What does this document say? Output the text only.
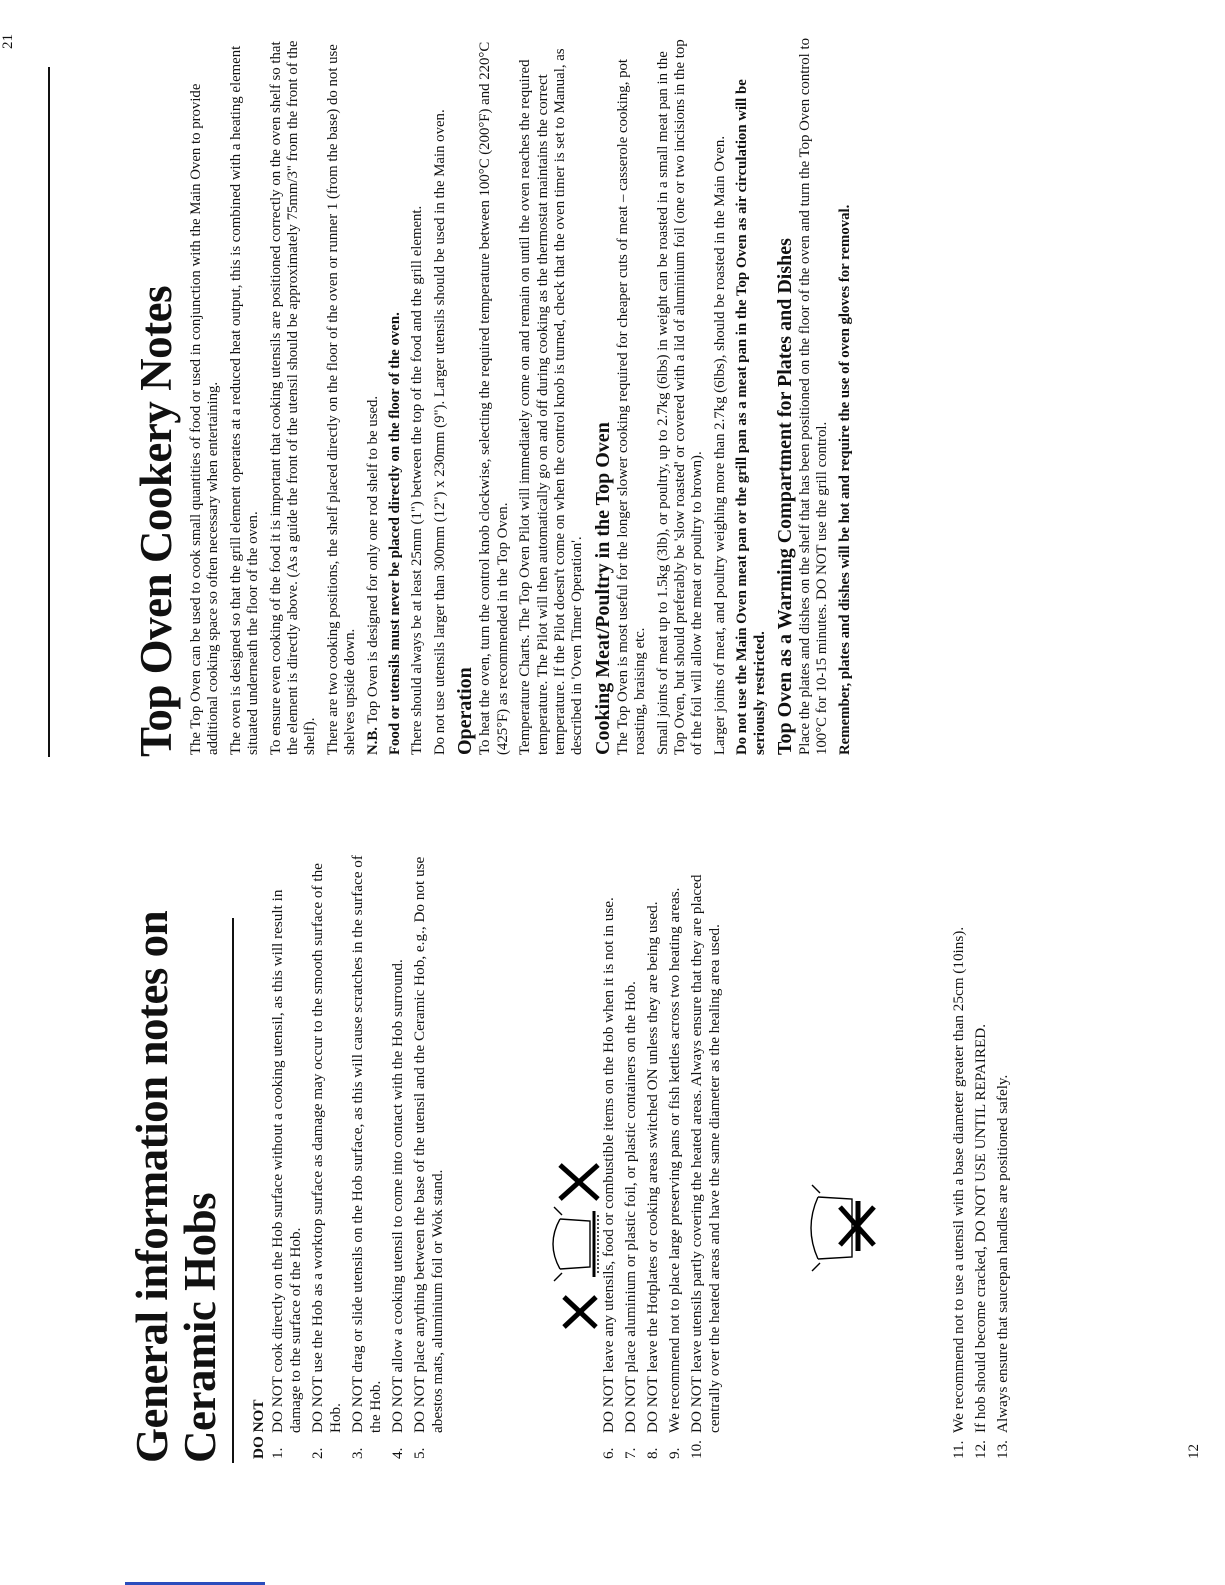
General information notes on
Ceramic Hobs DO NOT 1.
DO NOT cook directly on the Hob surface without a cooking utensil, as this will result in damage to the surface of the Hob.
2.
DO NOT use the Hob as a worktop surface as damage may occur to the smooth surface of the Hob.
3.
DO NOT drag or slide utensils on the Hob surface, as this will cause scratches in the surface of the Hob.
4.
DO NOT allow a cooking utensil to come into contact with the Hob surround.
5.
DO NOT place anything between the base of the utensil and the Ceramic Hob, e.g., Do not use abestos mats, aluminium foil or Wok stand.
6.
DO NOT leave any utensils, food or combustible items on the Hob when it is not in use.
7.
DO NOT place aluminium or plastic foil, or plastic containers on the Hob.
8.
DO NOT leave the Hotplates or cooking areas switched ON unless they are being used.
9.
We recommend not to place large preserving pans or fish kettles across two heating areas.
10.
DO NOT leave utensils partly covering the heated areas. Always ensure that they are placed centrally over the heated areas and have the same diameter as the healing area used.
11.
We recommend not to use a utensil with a base diameter greater than 25cm (10ins).
12.
If hob should become cracked, DO NOT USE UNTIL REPAIRED.
13.
Always ensure that saucepan handles are positioned safely.
12
Top Oven Cookery Notes The Top Oven can be used to cook small quantities of food or used in conjunction with the Main Oven to provide additional cooking space so often necessary when entertaining. The oven is designed so that the grill element operates at a reduced heat output, this is combined with a heating element situated underneath the floor of the oven. To ensure even cooking of the food it is important that cooking utensils are positioned correctly on the oven shelf so that the element is directly above. (As a guide the front of the utensil should be approximately 75mm/3" from the front of the shelf). There are two cooking positions, the shelf placed directly on the floor of the oven or runner 1 (from the base) do not use shelves upside down. N.B. Top Oven is designed for only one rod shelf to be used. Food or utensils must never be placed directly on the floor of the oven. There should always be at least 25mm (1") between the top of the food and the grill element. Do not use utensils larger than 300mm (12") x 230mm (9"). Larger utensils should be used in the Main oven. Operation To heat the oven, turn the control knob clockwise, selecting the required temperature between 100°C (200°F) and 220°C (425°F) as recommended in the Top Oven. Temperature Charts. The Top Oven Pilot will immediately come on and remain on until the oven reaches the required temperature. The Pilot will then automatically go on and off during cooking as the thermostat maintains the correct temperature. If the Pilot doesn't come on when the control knob is turned, check that the oven timer is set to Manual, as described in 'Oven Timer Operation'. Cooking Meat/Poultry in the Top Oven The Top Oven is most useful for the longer slower cooking required for cheaper cuts of meat – casserole cooking, pot roasting, braising etc. Small joints of meat up to 1.5kg (3lb), or poultry, up to 2.7kg (6lbs) in weight can be roasted in a small meat pan in the Top Oven, but should preferably be 'slow roasted' or covered with a lid of aluminium foil (one or two incisions in the top of the foil will allow the meat or poultry to brown). Larger joints of meat, and poultry weighing more than 2.7kg (6lbs), should be roasted in the Main Oven. Do not use the Main Oven meat pan or the grill pan as a meat pan in the Top Oven as air circulation will be seriously restricted. Top Oven as a Warming Compartment for Plates and Dishes Place the plates and dishes on the shelf that has been positioned on the floor of the oven and turn the Top Oven control to 100°C for 10-15 minutes. DO NOT use the grill control. Remember, plates and dishes will be hot and require the use of oven gloves for removal.

21
